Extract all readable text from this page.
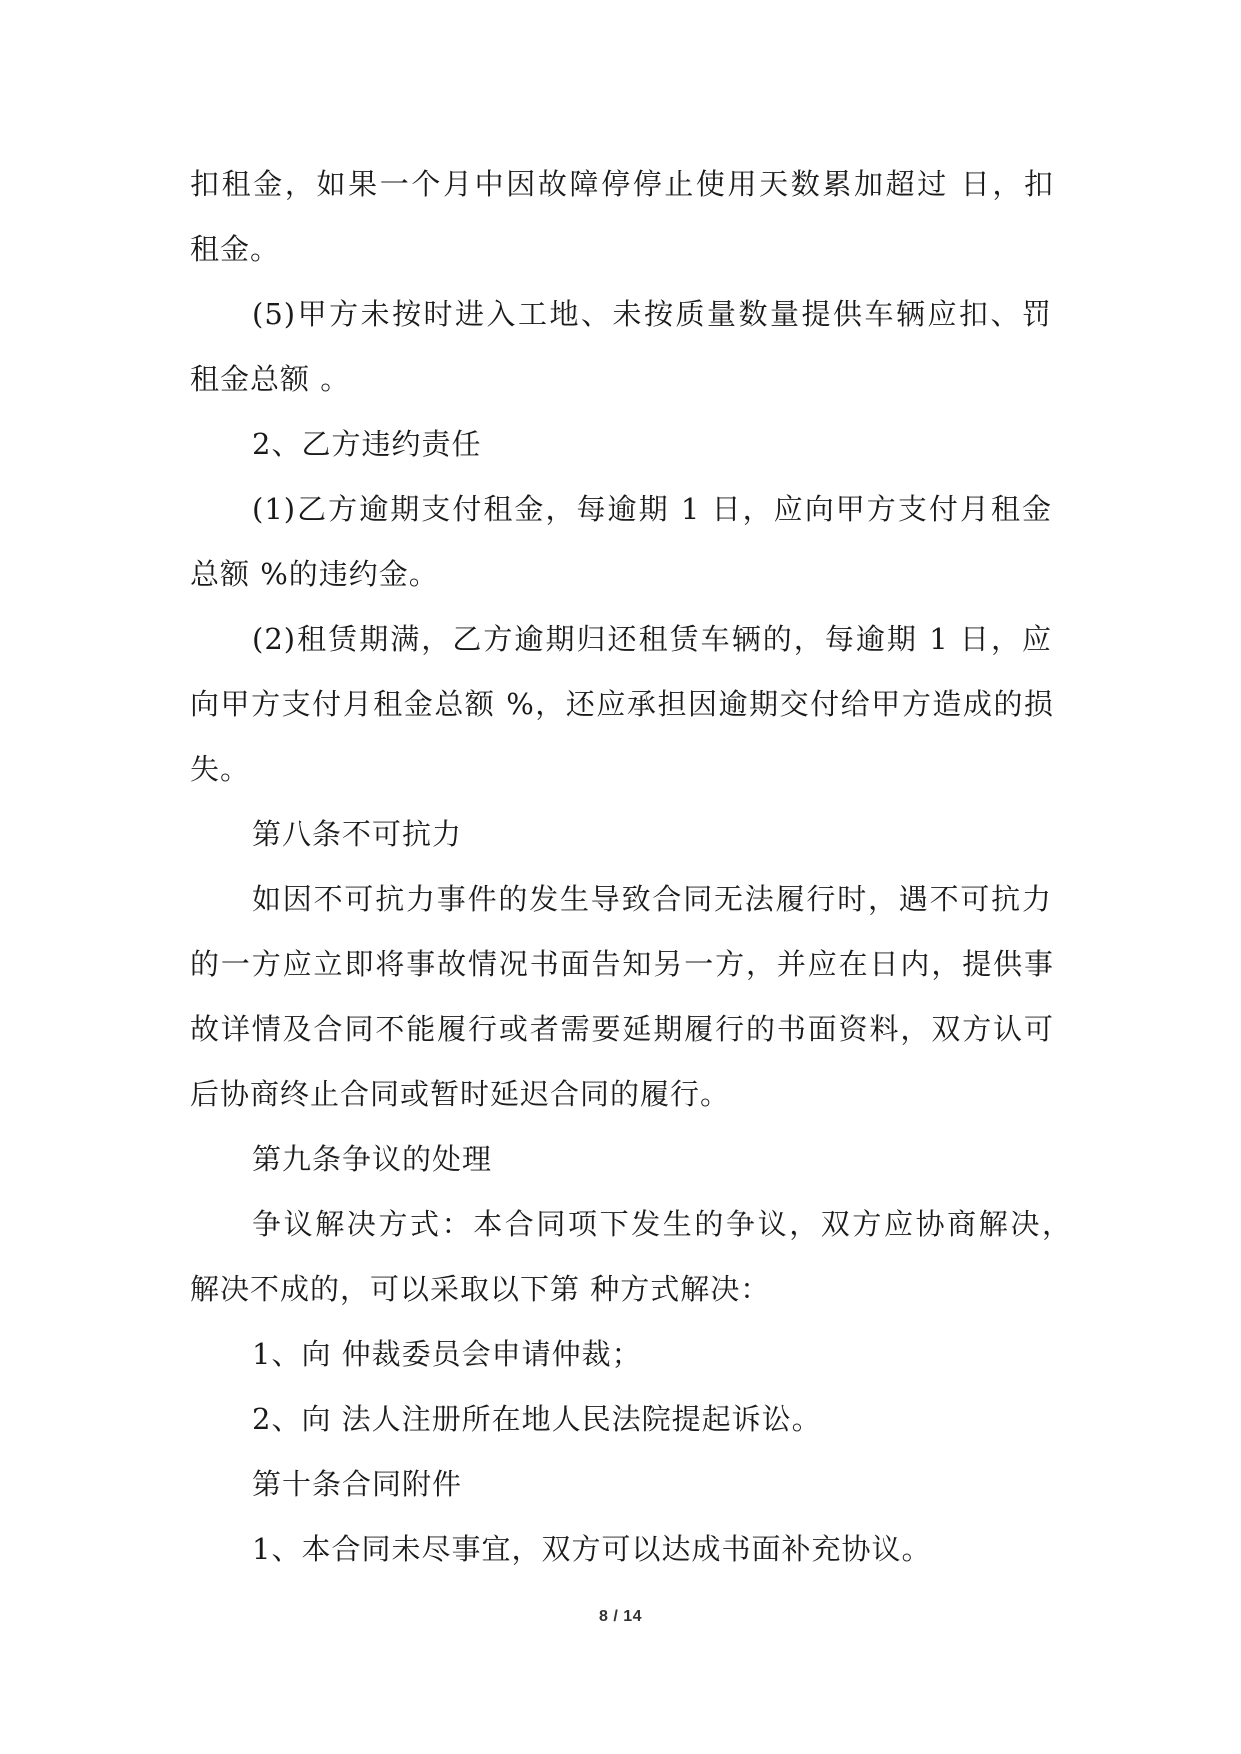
扣租金，如果一个月中因故障停停止使用天数累加超过 日，扣
租金。
(5)甲方未按时进入工地、未按质量数量提供车辆应扣、罚
租金总额 。
2、乙方违约责任
(1)乙方逾期支付租金，每逾期 1 日，应向甲方支付月租金
总额 %的违约金。
(2)租赁期满，乙方逾期归还租赁车辆的，每逾期 1 日，应
向甲方支付月租金总额 %，还应承担因逾期交付给甲方造成的损
失。
第八条不可抗力
如因不可抗力事件的发生导致合同无法履行时，遇不可抗力
的一方应立即将事故情况书面告知另一方，并应在日内，提供事
故详情及合同不能履行或者需要延期履行的书面资料，双方认可
后协商终止合同或暂时延迟合同的履行。
第九条争议的处理
争议解决方式：本合同项下发生的争议，双方应协商解决，
解决不成的，可以采取以下第 种方式解决：
1、向 仲裁委员会申请仲裁；
2、向 法人注册所在地人民法院提起诉讼。
第十条合同附件
1、本合同未尽事宜，双方可以达成书面补充协议。
8 / 14
